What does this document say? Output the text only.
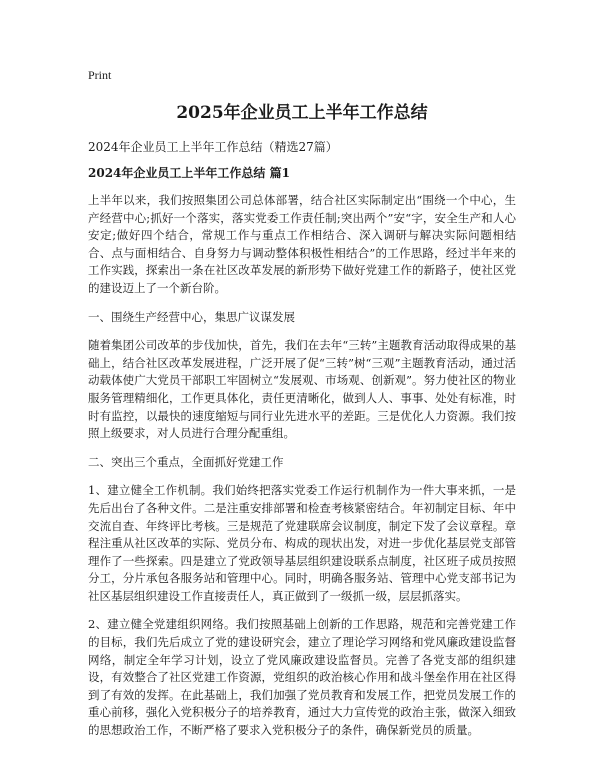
Print
2025年企业员工上半年工作总结

2024年企业员工上半年工作总结（精选27篇）

2024年企业员工上半年工作总结 篇1

上半年以来，我们按照集团公司总体部署，结合社区实际制定出“围绕一个中心，生产经营中心;抓好一个落实，落实党委工作责任制;突出两个”安“字，安全生产和人心安定;做好四个结合，常规工作与重点工作相结合、深入调研与解决实际问题相结合、点与面相结合、自身努力与调动整体积极性相结合”的工作思路，经过半年来的工作实践，探索出一条在社区改革发展的新形势下做好党建工作的新路子，使社区党的建设迈上了一个新台阶。

一、围绕生产经营中心，集思广议谋发展

随着集团公司改革的步伐加快，首先，我们在去年“三转”主题教育活动取得成果的基础上，结合社区改革发展进程，广泛开展了促“三转”树“三观”主题教育活动，通过活动载体使广大党员干部职工牢固树立“发展观、市场观、创新观”。努力使社区的物业服务管理精细化，工作更具体化，责任更清晰化，做到人人、事事、处处有标准，时时有监控，以最快的速度缩短与同行业先进水平的差距。三是优化人力资源。我们按照上级要求，对人员进行合理分配重组。

二、突出三个重点，全面抓好党建工作

1、建立健全工作机制。我们始终把落实党委工作运行机制作为一件大事来抓，一是先后出台了各种文件。二是注重安排部署和检查考核紧密结合。年初制定目标、年中交流自查、年终评比考核。三是规范了党建联席会议制度，制定下发了会议章程。章程注重从社区改革的实际、党员分布、构成的现状出发，对进一步优化基层党支部管理作了一些探索。四是建立了党政领导基层组织建设联系点制度，社区班子成员按照分工，分片承包各服务站和管理中心。同时，明确各服务站、管理中心党支部书记为社区基层组织建设工作直接责任人，真正做到了一级抓一级，层层抓落实。

2、建立健全党建组织网络。我们按照基础上创新的工作思路，规范和完善党建工作的目标，我们先后成立了党的建设研究会，建立了理论学习网络和党风廉政建设监督网络，制定全年学习计划，设立了党风廉政建设监督员。完善了各党支部的组织建设，有效整合了社区党建工作资源，党组织的政治核心作用和战斗堡垒作用在社区得到了有效的发挥。在此基础上，我们加强了党员教育和发展工作，把党员发展工作的重心前移，强化入党积极分子的培养教育，通过大力宣传党的政治主张，做深入细致的思想政治工作，不断严格了要求入党积极分子的条件，确保新党员的质量。
